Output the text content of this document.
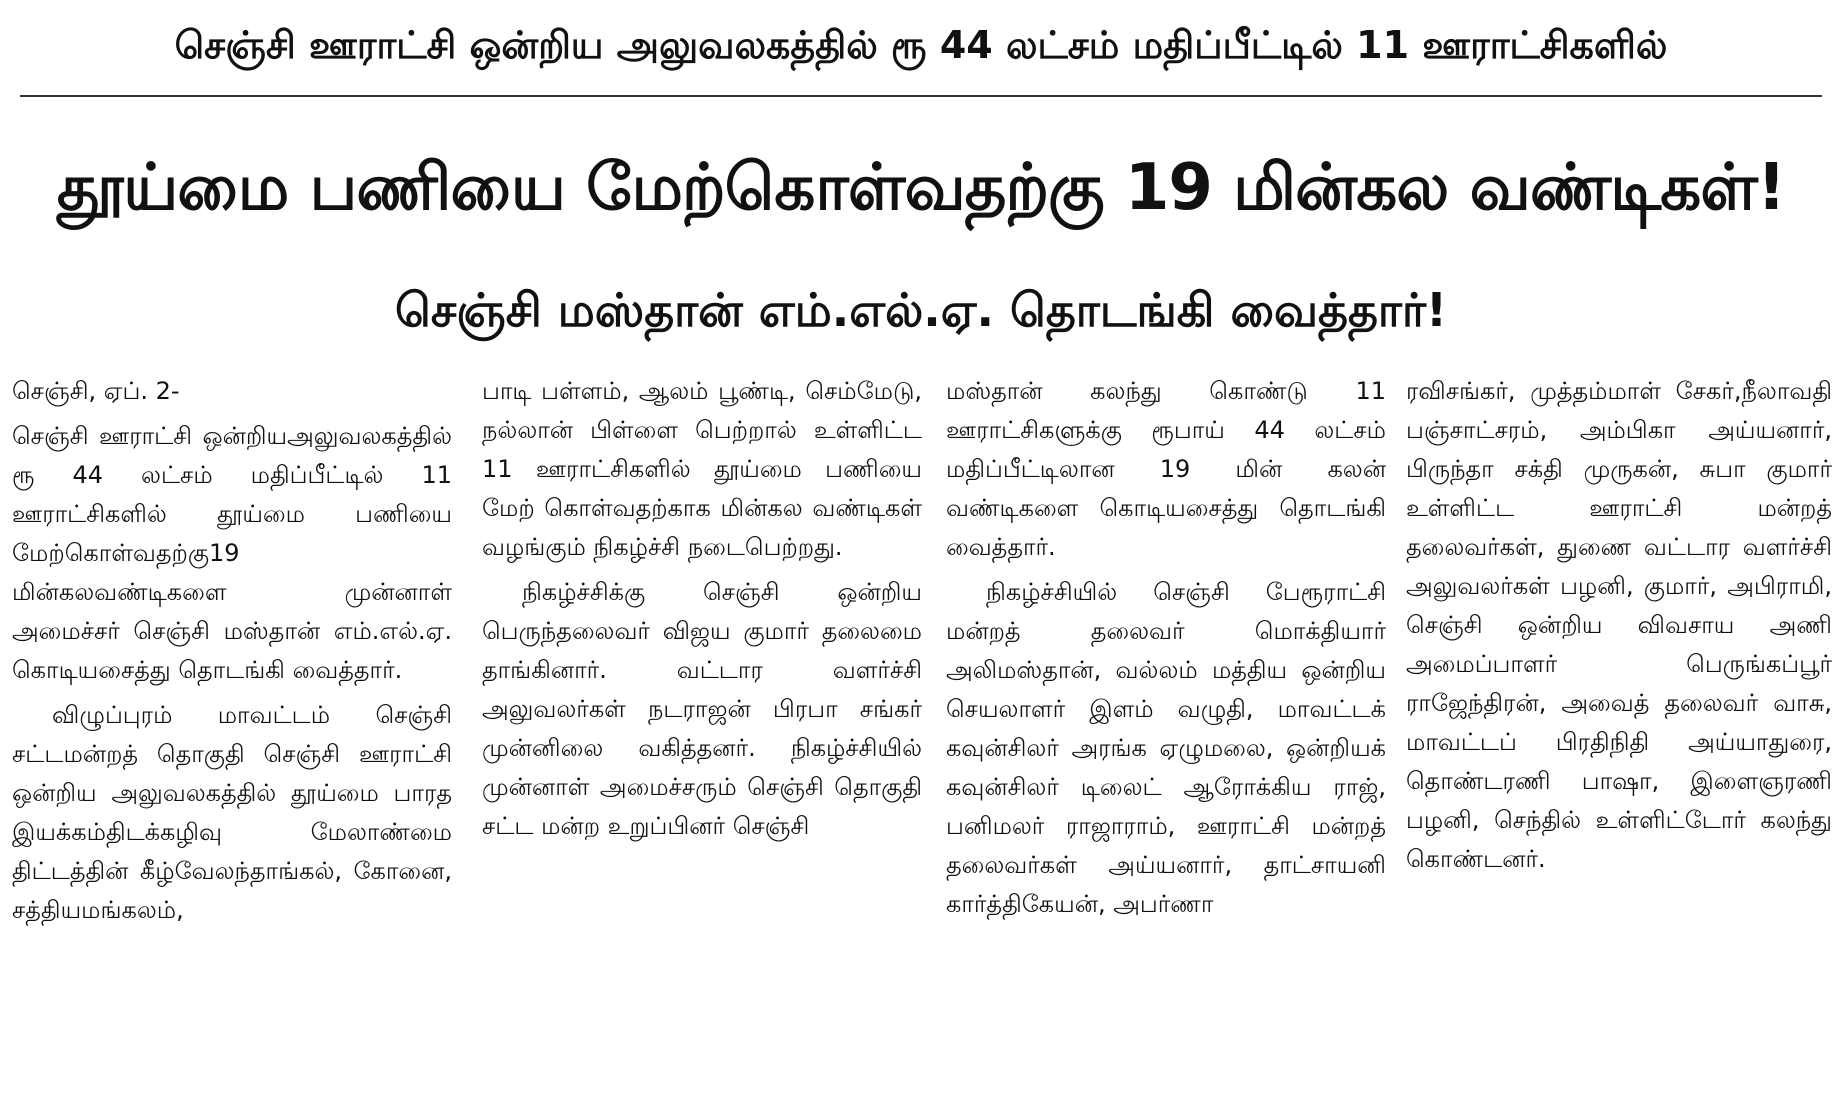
செஞ்சி ஊராட்சி ஒன்றிய அலுவலகத்தில் ரூ 44 லட்சம் மதிப்பீட்டில் 11 ஊராட்சிகளில்
தூய்மை பணியை மேற்கொள்வதற்கு 19 மின்கல வண்டிகள்!
செஞ்சி மஸ்தான் எம்.எல்.ஏ. தொடங்கி வைத்தார்!

செஞ்சி, ஏப். 2-

செஞ்சி ஊராட்சி ஒன்றியஅலுவலகத்தில் ரூ 44 லட்சம் மதிப்பீட்டில் 11 ஊராட்சிகளில் தூய்மை பணியை மேற்கொள்வதற்கு19 மின்கலவண்டிகளை முன்னாள் அமைச்சர் செஞ்சி மஸ்தான் எம்.எல்.ஏ. கொடியசைத்து தொடங்கி வைத்தார்.

விழுப்புரம் மாவட்டம் செஞ்சி சட்டமன்றத் தொகுதி செஞ்சி ஊராட்சி ஒன்றிய அலுவலகத்தில் தூய்மை பாரத இயக்கம்திடக்கழிவு மேலாண்மை திட்டத்தின் கீழ்வேலந்தாங்கல், கோனை, சத்தியமங்கலம்,

பாடி பள்ளம், ஆலம் பூண்டி, செம்மேடு, நல்லான் பிள்ளை பெற்றால் உள்ளிட்ட 11 ஊராட்சிகளில் தூய்மை பணியை மேற் கொள்வதற்காக மின்கல வண்டிகள் வழங்கும் நிகழ்ச்சி நடைபெற்றது.

நிகழ்ச்சிக்கு செஞ்சி ஒன்றிய பெருந்தலைவர் விஜய குமார் தலைமை தாங்கினார். வட்டார வளர்ச்சி அலுவலர்கள் நடராஜன் பிரபா சங்கர் முன்னிலை வகித்தனர். நிகழ்ச்சியில் முன்னாள் அமைச்சரும் செஞ்சி தொகுதி சட்ட மன்ற உறுப்பினர் செஞ்சி

மஸ்தான் கலந்து கொண்டு 11 ஊராட்சிகளுக்கு ரூபாய் 44 லட்சம் மதிப்பீட்டிலான 19 மின் கலன் வண்டிகளை கொடியசைத்து தொடங்கி வைத்தார்.

நிகழ்ச்சியில் செஞ்சி பேரூராட்சி மன்றத் தலைவர் மொக்தியார் அலிமஸ்தான், வல்லம் மத்திய ஒன்றிய செயலாளர் இளம் வழுதி, மாவட்டக் கவுன்சிலர் அரங்க ஏழுமலை, ஒன்றியக் கவுன்சிலர் டிலைட் ஆரோக்கிய ராஜ், பனிமலர் ராஜாராம், ஊராட்சி மன்றத் தலைவர்கள் அய்யனார், தாட்சாயனி கார்த்திகேயன், அபர்ணா

ரவிசங்கர், முத்தம்மாள் சேகர்,நீலாவதி பஞ்சாட்சரம், அம்பிகா அய்யனார், பிருந்தா சக்தி முருகன், சுபா குமார் உள்ளிட்ட ஊராட்சி மன்றத் தலைவர்கள், துணை வட்டார வளர்ச்சி அலுவலர்கள் பழனி, குமார், அபிராமி, செஞ்சி ஒன்றிய விவசாய அணி அமைப்பாளர் பெருங்கப்பூர் ராஜேந்திரன், அவைத் தலைவர் வாசு, மாவட்டப் பிரதிநிதி அய்யாதுரை, தொண்டரணி பாஷா, இளைஞரணி பழனி, செந்தில் உள்ளிட்டோர் கலந்து கொண்டனர்.
